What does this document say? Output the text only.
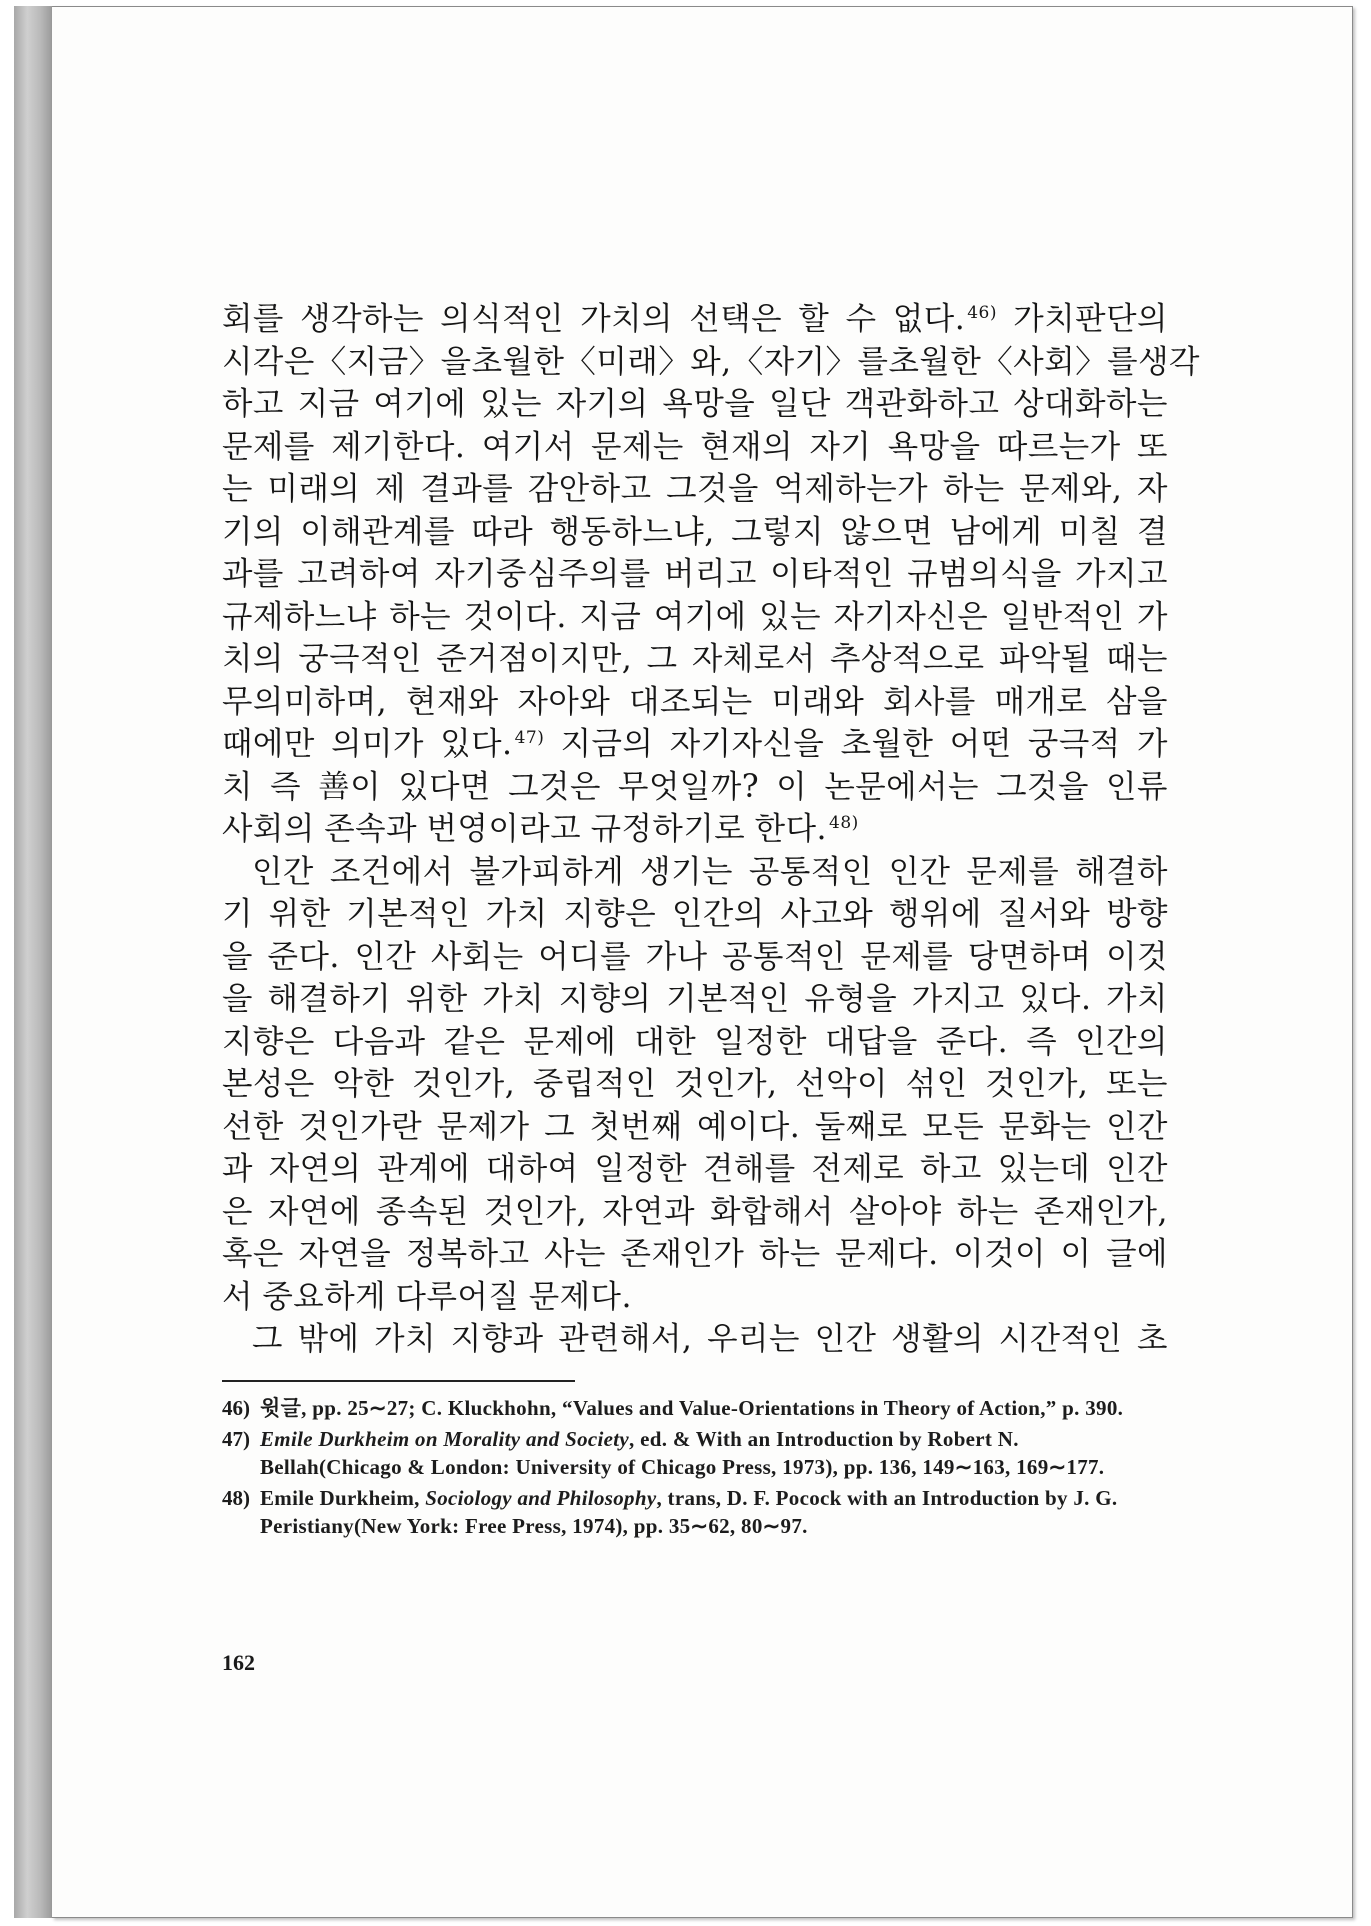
회를 생각하는 의식적인 가치의 선택은 할 수 없다. 46) 가치판단의
시각은 〈지금〉을 초월한 〈미래〉와, 〈자기〉를 초월한 〈사회〉를 생각
하고 지금 여기에 있는 자기의 욕망을 일단 객관화하고 상대화하는
문제를 제기한다. 여기서 문제는 현재의 자기 욕망을 따르는가 또
는 미래의 제 결과를 감안하고 그것을 억제하는가 하는 문제와, 자
기의 이해관계를 따라 행동하느냐, 그렇지 않으면 남에게 미칠 결
과를 고려하여 자기중심주의를 버리고 이타적인 규범의식을 가지고
규제하느냐 하는 것이다. 지금 여기에 있는 자기자신은 일반적인 가
치의 궁극적인 준거점이지만, 그 자체로서 추상적으로 파악될 때는
무의미하며, 현재와 자아와 대조되는 미래와 회사를 매개로 삼을
때에만 의미가 있다. 47) 지금의 자기자신을 초월한 어떤 궁극적 가
치 즉 善이 있다면 그것은 무엇일까? 이 논문에서는 그것을 인류
사회의 존속과 번영이라고 규정하기로 한다. 48)
인간 조건에서 불가피하게 생기는 공통적인 인간 문제를 해결하
기 위한 기본적인 가치 지향은 인간의 사고와 행위에 질서와 방향
을 준다. 인간 사회는 어디를 가나 공통적인 문제를 당면하며 이것
을 해결하기 위한 가치 지향의 기본적인 유형을 가지고 있다. 가치
지향은 다음과 같은 문제에 대한 일정한 대답을 준다. 즉 인간의
본성은 악한 것인가, 중립적인 것인가, 선악이 섞인 것인가, 또는
선한 것인가란 문제가 그 첫번째 예이다. 둘째로 모든 문화는 인간
과 자연의 관계에 대하여 일정한 견해를 전제로 하고 있는데 인간
은 자연에 종속된 것인가, 자연과 화합해서 살아야 하는 존재인가,
혹은 자연을 정복하고 사는 존재인가 하는 문제다. 이것이 이 글에
서 중요하게 다루어질 문제다.
그 밖에 가치 지향과 관련해서, 우리는 인간 생활의 시간적인 초
46) 윗글, pp. 25∼27; C. Kluckhohn, “Values and Value-Orientations in Theory of Action,” p. 390.
47) Emile Durkheim on Morality and Society, ed. & With an Introduction by Robert N. Bellah(Chicago & London: University of Chicago Press, 1973), pp. 136, 149∼163, 169∼177.
48) Emile Durkheim, Sociology and Philosophy, trans, D. F. Pocock with an Introduction by J. G. Peristiany(New York: Free Press, 1974), pp. 35∼62, 80∼97.
162
